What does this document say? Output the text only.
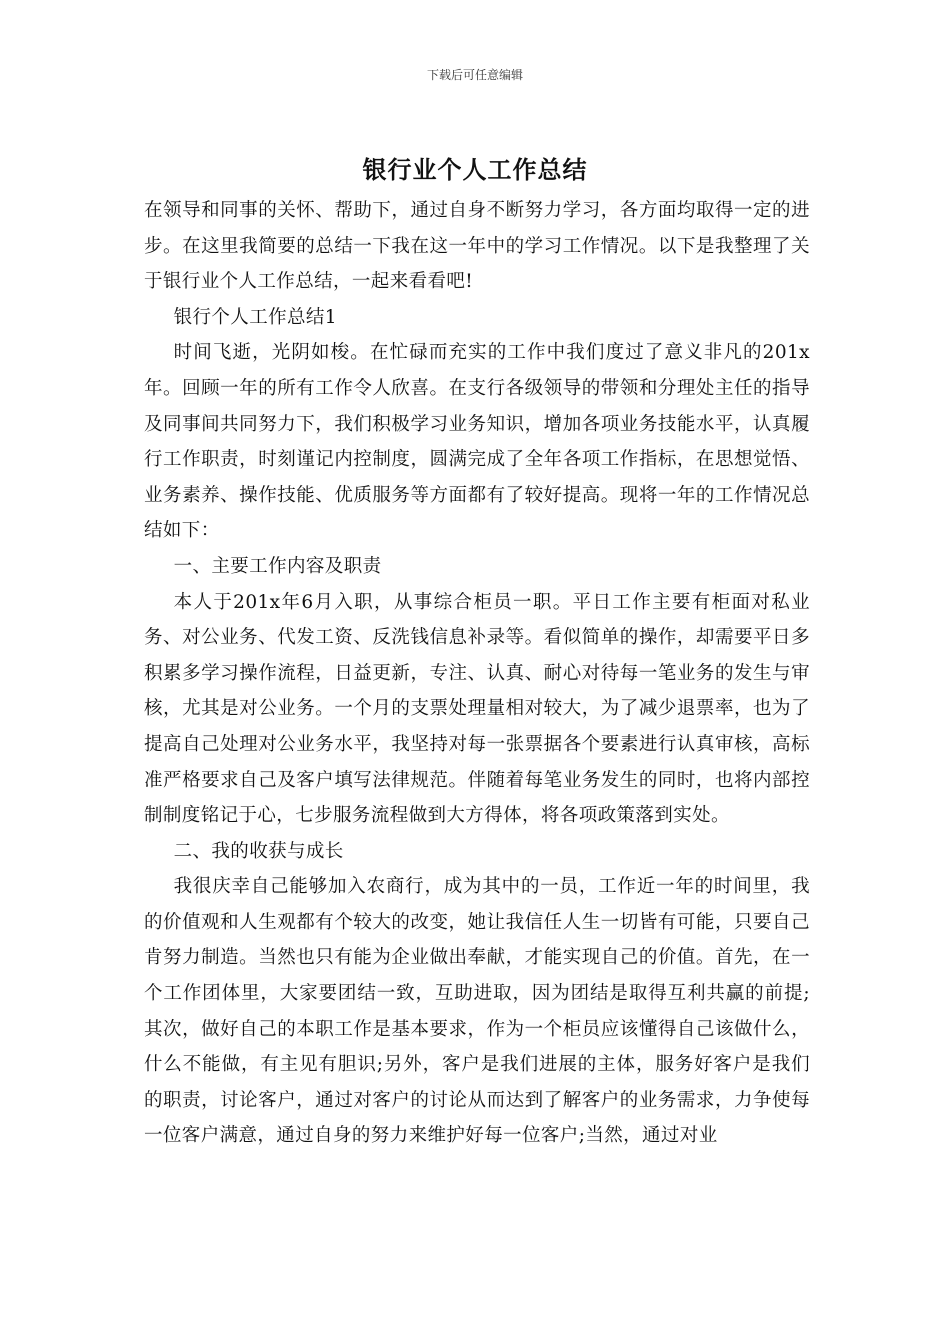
下载后可任意编辑
银行业个人工作总结

在领导和同事的关怀、帮助下，通过自身不断努力学习，各方面均取得一定的进步。在这里我简要的总结一下我在这一年中的学习工作情况。以下是我整理了关于银行业个人工作总结，一起来看看吧!

银行个人工作总结1

时间飞逝，光阴如梭。在忙碌而充实的工作中我们度过了意义非凡的201x年。回顾一年的所有工作令人欣喜。在支行各级领导的带领和分理处主任的指导及同事间共同努力下，我们积极学习业务知识，增加各项业务技能水平，认真履行工作职责，时刻谨记内控制度，圆满完成了全年各项工作指标，在思想觉悟、业务素养、操作技能、优质服务等方面都有了较好提高。现将一年的工作情况总结如下：

一、主要工作内容及职责

本人于201x年6月入职，从事综合柜员一职。平日工作主要有柜面对私业务、对公业务、代发工资、反洗钱信息补录等。看似简单的操作，却需要平日多积累多学习操作流程，日益更新，专注、认真、耐心对待每一笔业务的发生与审核，尤其是对公业务。一个月的支票处理量相对较大，为了减少退票率，也为了提高自己处理对公业务水平，我坚持对每一张票据各个要素进行认真审核，高标准严格要求自己及客户填写法律规范。伴随着每笔业务发生的同时，也将内部控制制度铭记于心，七步服务流程做到大方得体，将各项政策落到实处。

二、我的收获与成长

我很庆幸自己能够加入农商行，成为其中的一员，工作近一年的时间里，我的价值观和人生观都有个较大的改变，她让我信任人生一切皆有可能，只要自己肯努力制造。当然也只有能为企业做出奉献，才能实现自己的价值。首先，在一个工作团体里，大家要团结一致，互助进取，因为团结是取得互利共赢的前提;其次，做好自己的本职工作是基本要求，作为一个柜员应该懂得自己该做什么，什么不能做，有主见有胆识;另外，客户是我们进展的主体，服务好客户是我们的职责，讨论客户，通过对客户的讨论从而达到了解客户的业务需求，力争使每一位客户满意，通过自身的努力来维护好每一位客户;当然，通过对业
